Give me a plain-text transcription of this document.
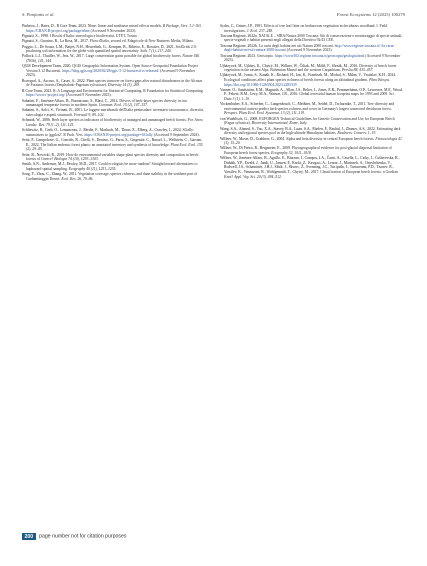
S. Panfantis et al.	Forest Ecosystems 12 (2025) 100279

Pinheiro, J., Bates, D., R Core Team, 2023. Nlme: linear and nonlinear mixed effects models. R Package, Vers. 3.1-163. https://CRAN.R-project.org/package/nlme (Accessed 9 November 2023).

Pignatti, S., 1998. I Boschi d'Italia: sinecologia e biodiversità. UTET, Torino.

Pignatti, S., Guarino, R., La Rosa, M., 2017. Flora d'Italia, second ed. Edagricole di New Business Media, Milano.

Poggio, L., De Sousa, L.M., Batjes, N.H., Heuvelink, G., Kempen, B., Ribeiro, E., Rossiter, D., 2021. SoilGrids 2.0: producing soil information for the globe with quantified spatial uncertainty. Soils 7 (1), 217–240.

Pollock, L.J., Thuiller, W., Jetz, W., 2017. Large conservation gains possible for global biodiversity facets. Nature 546 (7656), 141–144.

QGIS Development Team, 2020. QGIS Geographic Information System. Open Source Geospatial Foundation Project Version 3.12 Bucuresti. https://blog.qgis.org/2020/02/28/qgis-3-12-bucuresti-is-released/ (Accessed 9 November 2023).

Rozsypal, A., Ascoso, A., Casas, A., 2022. Plant species turnover on forest gaps after natural disturbances in the Alcazar de Fraxinus forests (Omphalodo-Fagetum sylvaticae). Diversity 14 (5), 269.

R Core Team, 2023. R: A Language and Environment for Statistical Computing. R Foundation for Statistical Computing. https://www.r-project.org/ (Accessed 9 November 2023).

Sabatini, F., Jiménez-Alfaro, B., Burrascano, S., Blasi, C., 2014. Drivers of herb-layer species diversity in two unmanaged temperate forests in northern Spain. Commun. Ecol. 15 (2), 147–157.

Sabatini, S., Solci, S., Vicinati, B., 2001. Le faggete meridionali dell'Italia peninsulare: inventario tassonomico, diversità, sinecologia e aspetti strutturali. Forestali 9, 89–102.

Schmidt, W., 2006. Herb layer species as indicators of biodiversity of managed and unmanaged beech forests. For. Snow Landsc. Res. 79 (1–2), 111–125.

Schliewitz, R., Greb, O., Lemanceau, J., Bèrdie, F., Marbach, M., Thuus, E., Elberg, A., Crawley, J., 2024. SGally: summarizes to 'ggplot2'. R Pack. Vers. https://CRAN.R-project.org/package=GGally (Accessed 9 September 2024).

Seitz, P., Campoforte, G., Conciñs, R., Chelli, S., Denisio, G., Parra, S., Grigentie, C., Russel, L., Wellstein, C., Garrant, E., 2022. The Italian endemic forest plants: an annotated inventory and synthesis of knowledge. Plant Ecol. Evol. 155 (2), 29–45.

Seitz, B., Nowicki, R., 2019. How do environmental variables shape plant species diversity and composition in beech forests of Greece? Biologia 74 (10), 1293–1303.

Smith, A.N., Anderson, M.J., Pawley, M.D., 2017. Could ecologists be more random? Straightforward alternatives to haphazard spatial sampling. Ecography 40 (11), 1251–1255.

Song, Y., Zhou, C., Zhang, W., 2011. Vegetation coverage, species richness, and dune stability in the southern part of Gurbantünggüt Desert. Ecol. Res. 26, 79–86.

Sydes, C., Grime, J.P., 1981. Effects of tree leaf litter on herbaceous vegetation in deciduous woodland: I. Field investigations. J. Ecol. 237–248.

Toscana Regione, 2022a. NATALE – SIRA/Natura 2000 Toscana: Siti di conservazione e monitoraggio di specie animali, specie vegetali e habitat presenti negli allegati della Direttiva 92/43 CEE.

Toscana Regione, 2022b. La carta degli habitat nei siti Natura 2000 toscani. http://www.regione.toscana.it/-/la-carta-degli-habitat-nei-siti-natura-2000-toscani (Accessed 9 November 2023).

Toscana Regione, 2023. Geoscopio. https://www502.regione.toscana.it/geoscopio/geologia.html (Accessed 9 November 2023).

Ujházyová, M., Ujházy, K., Chytrý, M., Willner, W., Čiliak, M., Máliš, F., Slezák, M., 2016. Diversity of beech forest vegetation in the eastern Alps, Bohemian Massif and the western Carpathians. Preslia 88, 435–457.

Ujházyová, M., Ivana, S., Kanák, K., Richard, H., Jan, K., Frantisek, M., Michal, S., Milan, V., Vratislav, K.H., 2024. Ecological conditions affect plant species richness of beech forests along an altitudinal gradient. Plant Biosyst. https://doi.org/10.1080/11263504.2023.2285335

Vanner, O., Sandström, E.M., Magnath, A., Allan, J.S., Belier, J., Jones, E.R., Pommerhäms, O.P., Lawrence, M.F., Wood, P., Fekete, R.M., Levy, M.A., Watson, J.R., 2016. Global terrestrial human footprint maps for 1993 and 2009. Sci. Data 3 (1), 1–10.

Vockenhuber, E.A., Scherber, C., Langenbruch, C., Meißner, M., Seidel, D., Tscharntke, T., 2011. Tree diversity and environmental context predict herb species richness and cover in Germany's largest connected deciduous forest. Perspect. Plant Ecol. Evol. Systemat. 13 (2), 111–119.

von Wuehlisch, G., 2008. EUFORGEN Technical Guidelines for Genetic Conservation and Use for European Beech (Fagus sylvatica). Bioversity International, Rome, Italy.

Wang, S.A., Ahmed, S., Yao, X.A., Stavey, B.A., Luan, S.A., Ebelen, F., Rashid, J., Zhanov, A.S., 2022. Estimating dark diversity and regional species pool in the high-altitude Himalayan habitats. Biodivers. Conserv. 1–19.

Willner, W., Moser, D., Grabherr, G., 2004. Alpha and beta diversity in central European beech forests. Fitosociologia 41 (1), 15–20.

Willner, W., Di Pietro, R., Bergmeier, E., 2009. Phytogeographical evidence for post-glacial dispersal limitation of European beech forest species. Ecography 32, 1011–1018.

Willner, W., Jiménez-Alfaro, B., Agrillo, E., Biurrun, I., Campos, J.A., Čarni, A., Casella, L., Csiky, J., Ćušterevska, R., Didukh, Y.P., Ewald, J., Jandt, U., Jansen, F., Kacki, Z., Kavgaci, A., Lenoir, J., Marinsek, A., Onyshchenko, V., Rodwell, J.S., Schaminée, J.H.J., Šibík, J., Škvorc, Ž., Svenning, J.C., Tsiripidis, I., Turtureanu, P.D., Tzonev, R., Vassilev, K., Venanzoni, R., Wohlgemuth, T., Chytrý, M., 2017. Classification of European beech forests: a Gordian Knot? Appl. Veg. Sci. 20 (3), 494–512.

200 page number not for citation purposes
